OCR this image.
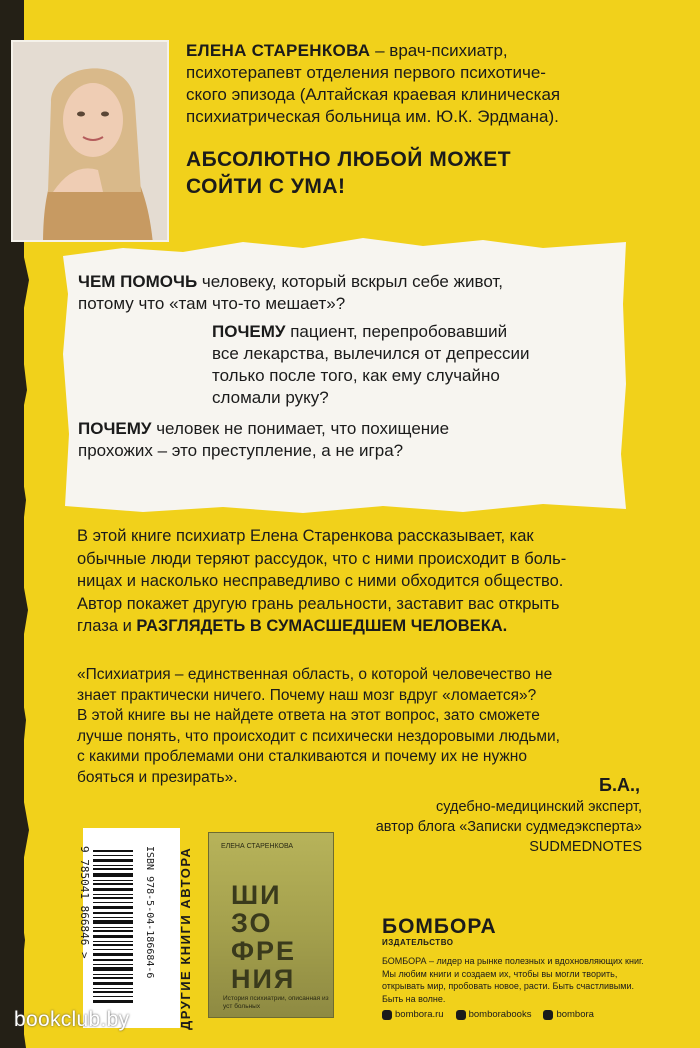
ЕЛЕНА СТАРЕНКОВА – врач-психиатр,
психотерапевт отделения первого психотиче-
ского эпизода (Алтайская краевая клиническая
психиатрическая больница им. Ю.К. Эрдмана).
АБСОЛЮТНО ЛЮБОЙ МОЖЕТ
СОЙТИ С УМА!
ЧЕМ ПОМОЧЬ человеку, который вскрыл себе живот,
потому что «там что-то мешает»?
ПОЧЕМУ пациент, перепробовавший
все лекарства, вылечился от депрессии
только после того, как ему случайно
сломали руку?
ПОЧЕМУ человек не понимает, что похищение
прохожих – это преступление, а не игра?
В этой книге психиатр Елена Старенкова рассказывает, как
обычные люди теряют рассудок, что с ними происходит в боль-
ницах и насколько несправедливо с ними обходится общество.
Автор покажет другую грань реальности, заставит вас открыть
глаза и РАЗГЛЯДЕТЬ В СУМАСШЕДШЕМ ЧЕЛОВЕКА.
«Психиатрия – единственная область, о которой человечество не
знает практически ничего. Почему наш мозг вдруг «ломается»?
В этой книге вы не найдете ответа на этот вопрос, зато сможете
лучше понять, что происходит с психически нездоровыми людьми,
с какими проблемами они сталкиваются и почему их не нужно
бояться и презирать».	Б.А.,
судебно-медицинский эксперт,
автор блога «Записки судмедэксперта»
SUDMEDNOTES
ISBN 978-5-04-186684-6
9 785041 866846 >	ДРУГИЕ КНИГИ АВТОРА
ЕЛЕНА СТАРЕНКОВА
ШИ
ЗО
ФРЕ
НИЯ
История психиатрии, описанная из уст больных
БОМБОРА
ИЗДАТЕЛЬСТВО
БОМБОРА – лидер на рынке полезных и вдохновляющих книг. Мы любим книги и создаем их, чтобы вы могли творить, открывать мир, пробовать новое, расти. Быть счастливыми. Быть на волне.
bombora.ru	bomborabooks	bombora
bookclub.by
